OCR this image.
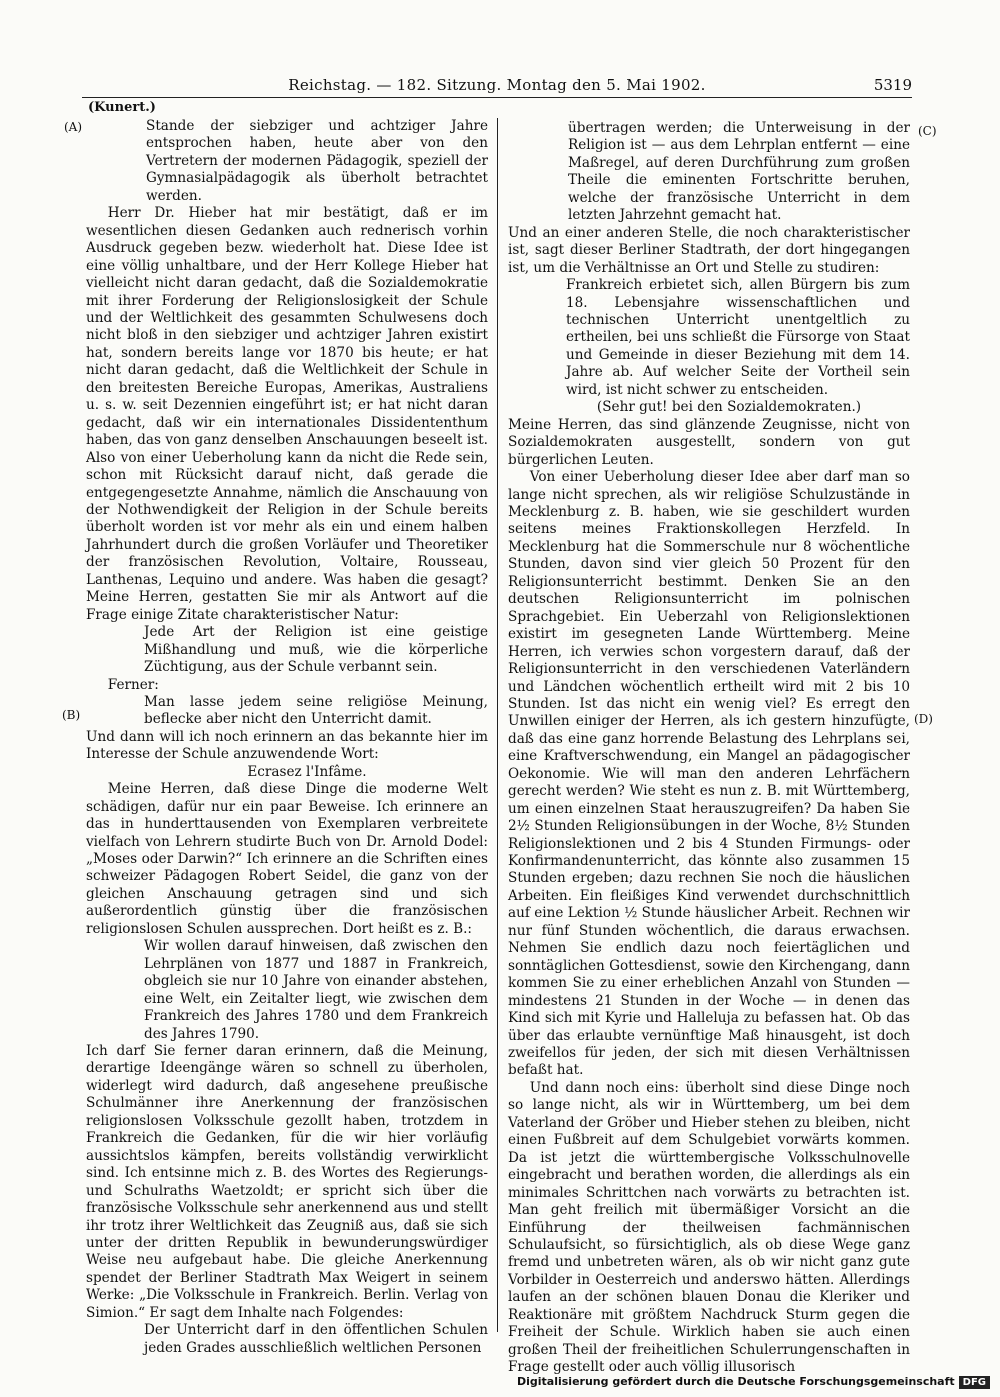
Reichstag. — 182. Sitzung. Montag den 5. Mai 1902.	5319
(Kunert.)
(A)
(B)
(C)
(D)

Stande der siebziger und achtziger Jahre entsprochen haben, heute aber von den Vertretern der modernen Pädagogik, speziell der Gymnasialpädagogik als überholt betrachtet werden.

Herr Dr. Hieber hat mir bestätigt, daß er im wesentlichen diesen Gedanken auch rednerisch vorhin Ausdruck gegeben bezw. wiederholt hat. Diese Idee ist eine völlig unhaltbare, und der Herr Kollege Hieber hat vielleicht nicht daran gedacht, daß die Sozialdemokratie mit ihrer Forderung der Religionslosigkeit der Schule und der Weltlichkeit des gesammten Schulwesens doch nicht bloß in den siebziger und achtziger Jahren existirt hat, sondern bereits lange vor 1870 bis heute; er hat nicht daran gedacht, daß die Weltlichkeit der Schule in den breitesten Bereiche Europas, Amerikas, Australiens u. s. w. seit Dezennien eingeführt ist; er hat nicht daran gedacht, daß wir ein internationales Dissidententhum haben, das von ganz denselben Anschauungen beseelt ist. Also von einer Ueberholung kann da nicht die Rede sein, schon mit Rücksicht darauf nicht, daß gerade die entgegengesetzte Annahme, nämlich die Anschauung von der Nothwendigkeit der Religion in der Schule bereits überholt worden ist vor mehr als ein und einem halben Jahrhundert durch die großen Vorläufer und Theoretiker der französischen Revolution, Voltaire, Rousseau, Lanthenas, Lequino und andere. Was haben die gesagt? Meine Herren, gestatten Sie mir als Antwort auf die Frage einige Zitate charakteristischer Natur:

Jede Art der Religion ist eine geistige Mißhandlung und muß, wie die körperliche Züchtigung, aus der Schule verbannt sein.

Ferner:

Man lasse jedem seine religiöse Meinung, beflecke aber nicht den Unterricht damit.

Und dann will ich noch erinnern an das bekannte hier im Interesse der Schule anzuwendende Wort:

Ecrasez l'Infâme.

Meine Herren, daß diese Dinge die moderne Welt schädigen, dafür nur ein paar Beweise. Ich erinnere an das in hunderttausenden von Exemplaren verbreitete vielfach von Lehrern studirte Buch von Dr. Arnold Dodel: „Moses oder Darwin?“ Ich erinnere an die Schriften eines schweizer Pädagogen Robert Seidel, die ganz von der gleichen Anschauung getragen sind und sich außerordentlich günstig über die französischen religionslosen Schulen aussprechen. Dort heißt es z. B.:

Wir wollen darauf hinweisen, daß zwischen den Lehrplänen von 1877 und 1887 in Frankreich, obgleich sie nur 10 Jahre von einander abstehen, eine Welt, ein Zeitalter liegt, wie zwischen dem Frankreich des Jahres 1780 und dem Frankreich des Jahres 1790.

Ich darf Sie ferner daran erinnern, daß die Meinung, derartige Ideengänge wären so schnell zu überholen, widerlegt wird dadurch, daß angesehene preußische Schulmänner ihre Anerkennung der französischen religionslosen Volksschule gezollt haben, trotzdem in Frankreich die Gedanken, für die wir hier vorläufig aussichtslos kämpfen, bereits vollständig verwirklicht sind. Ich entsinne mich z. B. des Wortes des Regierungs- und Schulraths Waetzoldt; er spricht sich über die französische Volksschule sehr anerkennend aus und stellt ihr trotz ihrer Weltlichkeit das Zeugniß aus, daß sie sich unter der dritten Republik in bewunderungswürdiger Weise neu aufgebaut habe. Die gleiche Anerkennung spendet der Berliner Stadtrath Max Weigert in seinem Werke: „Die Volksschule in Frankreich. Berlin. Verlag von Simion.“ Er sagt dem Inhalte nach Folgendes:

Der Unterricht darf in den öffentlichen Schulen jeden Grades ausschließlich weltlichen Personen

übertragen werden; die Unterweisung in der Religion ist — aus dem Lehrplan entfernt — eine Maßregel, auf deren Durchführung zum großen Theile die eminenten Fortschritte beruhen, welche der französische Unterricht in dem letzten Jahrzehnt gemacht hat.

Und an einer anderen Stelle, die noch charakteristischer ist, sagt dieser Berliner Stadtrath, der dort hingegangen ist, um die Verhältnisse an Ort und Stelle zu studiren:

Frankreich erbietet sich, allen Bürgern bis zum 18. Lebensjahre wissenschaftlichen und technischen Unterricht unentgeltlich zu ertheilen, bei uns schließt die Fürsorge von Staat und Gemeinde in dieser Beziehung mit dem 14. Jahre ab. Auf welcher Seite der Vortheil sein wird, ist nicht schwer zu entscheiden.

(Sehr gut! bei den Sozialdemokraten.)

Meine Herren, das sind glänzende Zeugnisse, nicht von Sozialdemokraten ausgestellt, sondern von gut bürgerlichen Leuten.

Von einer Ueberholung dieser Idee aber darf man so lange nicht sprechen, als wir religiöse Schulzustände in Mecklenburg z. B. haben, wie sie geschildert wurden seitens meines Fraktionskollegen Herzfeld. In Mecklenburg hat die Sommerschule nur 8 wöchentliche Stunden, davon sind vier gleich 50 Prozent für den Religionsunterricht bestimmt. Denken Sie an den deutschen Religionsunterricht im polnischen Sprachgebiet. Ein Ueberzahl von Religionslektionen existirt im gesegneten Lande Württemberg. Meine Herren, ich verwies schon vorgestern darauf, daß der Religionsunterricht in den verschiedenen Vaterländern und Ländchen wöchentlich ertheilt wird mit 2 bis 10 Stunden. Ist das nicht ein wenig viel? Es erregt den Unwillen einiger der Herren, als ich gestern hinzufügte, daß das eine ganz horrende Belastung des Lehrplans sei, eine Kraftverschwendung, ein Mangel an pädagogischer Oekonomie. Wie will man den anderen Lehrfächern gerecht werden? Wie steht es nun z. B. mit Württemberg, um einen einzelnen Staat herauszugreifen? Da haben Sie 2½ Stunden Religionsübungen in der Woche, 8½ Stunden Religionslektionen und 2 bis 4 Stunden Firmungs- oder Konfirmandenunterricht, das könnte also zusammen 15 Stunden ergeben; dazu rechnen Sie noch die häuslichen Arbeiten. Ein fleißiges Kind verwendet durchschnittlich auf eine Lektion ½ Stunde häuslicher Arbeit. Rechnen wir nur fünf Stunden wöchentlich, die daraus erwachsen. Nehmen Sie endlich dazu noch feiertäglichen und sonntäglichen Gottesdienst, sowie den Kirchengang, dann kommen Sie zu einer erheblichen Anzahl von Stunden — mindestens 21 Stunden in der Woche — in denen das Kind sich mit Kyrie und Halleluja zu befassen hat. Ob das über das erlaubte vernünftige Maß hinausgeht, ist doch zweifellos für jeden, der sich mit diesen Verhältnissen befaßt hat.

Und dann noch eins: überholt sind diese Dinge noch so lange nicht, als wir in Württemberg, um bei dem Vaterland der Gröber und Hieber stehen zu bleiben, nicht einen Fußbreit auf dem Schulgebiet vorwärts kommen. Da ist jetzt die württembergische Volksschulnovelle eingebracht und berathen worden, die allerdings als ein minimales Schrittchen nach vorwärts zu betrachten ist. Man geht freilich mit übermäßiger Vorsicht an die Einführung der theilweisen fachmännischen Schulaufsicht, so fürsichtiglich, als ob diese Wege ganz fremd und unbetreten wären, als ob wir nicht ganz gute Vorbilder in Oesterreich und anderswo hätten. Allerdings laufen an der schönen blauen Donau die Kleriker und Reaktionäre mit größtem Nachdruck Sturm gegen die Freiheit der Schule. Wirklich haben sie auch einen großen Theil der freiheitlichen Schulerrungenschaften in Frage gestellt oder auch völlig illusorisch

Digitalisierung gefördert durch die Deutsche Forschungsgemeinschaft DFG
